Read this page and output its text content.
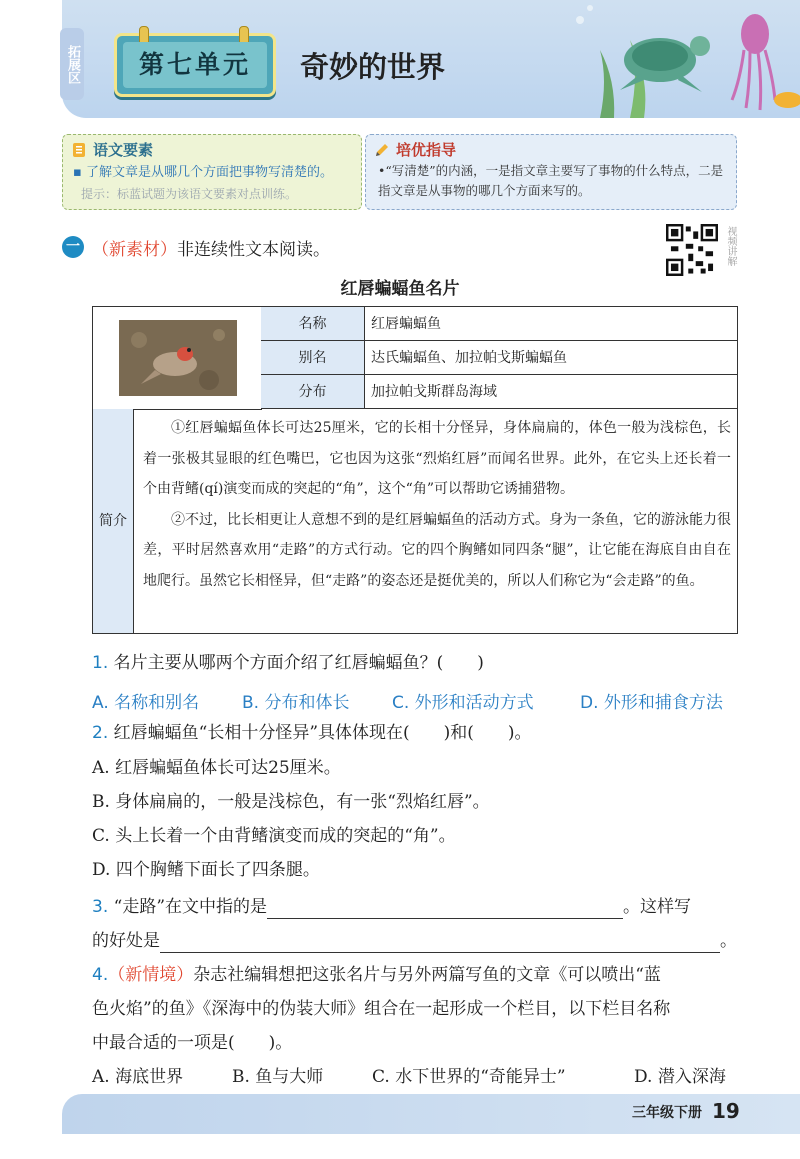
拓展区	第七单元	奇妙的世界
语文要素
▪ 了解文章是从哪几个方面把事物写清楚的。
提示：标蓝试题为该语文要素对点训练。
培优指导
•“写清楚”的内涵，一是指文章主要写了事物的什么特点，二是指文章是从事物的哪几个方面来写的。
一 （新素材）非连续性文本阅读。	视频讲解
红唇蝙蝠鱼名片
名称	红唇蝙蝠鱼
别名	达氏蝙蝠鱼、加拉帕戈斯蝙蝠鱼
分布	加拉帕戈斯群岛海域
简介

①红唇蝙蝠鱼体长可达25厘米，它的长相十分怪异，身体扁扁的，体色一般为浅棕色，长着一张极其显眼的红色嘴巴，它也因为这张“烈焰红唇”而闻名世界。此外，在它头上还长着一个由背鳍(qí)演变而成的突起的“角”，这个“角”可以帮助它诱捕猎物。

②不过，比长相更让人意想不到的是红唇蝙蝠鱼的活动方式。身为一条鱼，它的游泳能力很差，平时居然喜欢用“走路”的方式行动。它的四个胸鳍如同四条“腿”，让它能在海底自由自在地爬行。虽然它长相怪异，但“走路”的姿态还是挺优美的，所以人们称它为“会走路”的鱼。

1. 名片主要从哪两个方面介绍了红唇蝙蝠鱼？(　　)
A. 名称和别名	B. 分布和体长	C. 外形和活动方式	D. 外形和捕食方法
2. 红唇蝙蝠鱼“长相十分怪异”具体体现在(　　)和(　　)。
A. 红唇蝙蝠鱼体长可达25厘米。
B. 身体扁扁的，一般是浅棕色，有一张“烈焰红唇”。
C. 头上长着一个由背鳍演变而成的突起的“角”。
D. 四个胸鳍下面长了四条腿。
3. “走路”在文中指的是	。这样写
的好处是	。
4.（新情境）杂志社编辑想把这张名片与另外两篇写鱼的文章《可以喷出“蓝
色火焰”的鱼》《深海中的伪装大师》组合在一起形成一个栏目，以下栏目名称
中最合适的一项是(　　)。
A. 海底世界	B. 鱼与大师	C. 水下世界的“奇能异士”	D. 潜入深海
三年级下册 19
